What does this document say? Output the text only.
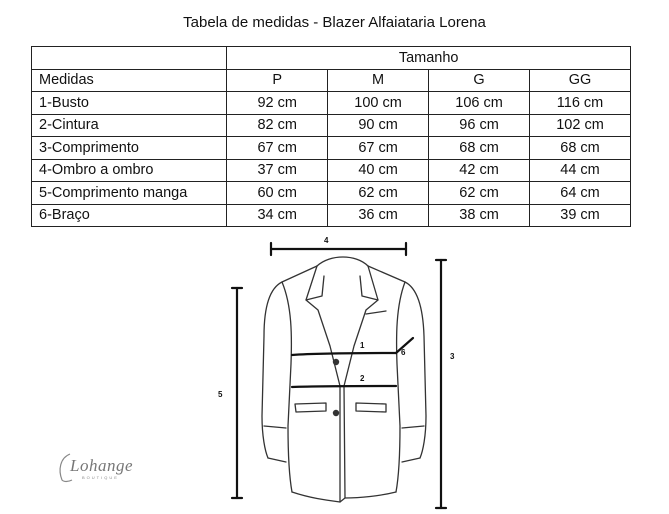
Tabela de medidas - Blazer Alfaiataria Lorena
	Tamanho			
Medidas	P	M	G	GG
1-Busto	92 cm	100 cm	106 cm	116 cm
2-Cintura	82 cm	90 cm	96 cm	102 cm
3-Comprimento	67 cm	67 cm	68 cm	68 cm
4-Ombro a ombro	37 cm	40 cm	42 cm	44 cm
5-Comprimento manga	60 cm	62 cm	62 cm	64 cm
6-Braço	34 cm	36 cm	38 cm	39 cm
4
1
2
6	3
5
Lohange
BOUTIQUE
